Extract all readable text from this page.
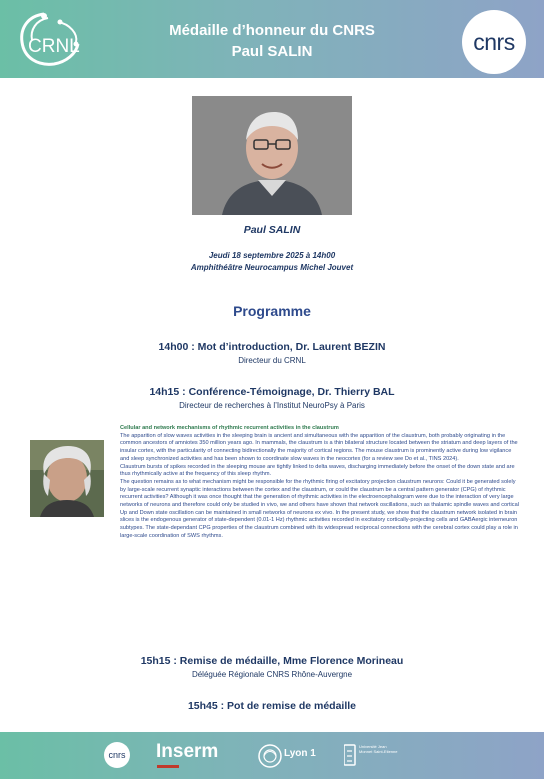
CRNL
Médaille d’honneur du CNRS
Paul SALIN	cnrs
Paul SALIN
Jeudi 18 septembre 2025 à 14h00
Amphithéâtre Neurocampus Michel Jouvet
Programme
14h00 : Mot d’introduction, Dr. Laurent BEZIN
Directeur du CRNL
14h15 : Conférence-Témoignage, Dr. Thierry BAL
Directeur de recherches à l’Institut NeuroPsy à Paris
Cellular and network mechanisms of rhythmic recurrent activities in the claustrum
The apparition of slow waves activities in the sleeping brain is ancient and simultaneous with the apparition of the claustrum, both probably originating in the common ancestors of amniotes 350 million years ago. In mammals, the claustrum is a thin bilateral structure located between the striatum and deep layers of the insular cortex, with the particularity of connecting bidirectionally the majority of cortical regions. The mouse claustrum is prominently active during low vigilance and sleep synchronized activities and has been shown to coordinate slow waves in the neocortex (for a review see Do et al., TINS 2024).
Claustrum bursts of spikes recorded in the sleeping mouse are tightly linked to delta waves, discharging immediately before the onset of the down state and are thus rhythmically active at the frequency of this sleep rhythm.
The question remains as to what mechanism might be responsible for the rhythmic firing of excitatory projection claustrum neurons: Could it be generated solely by large-scale recurrent synaptic interactions between the cortex and the claustrum, or could the claustrum be a central pattern generator (CPG) of rhythmic recurrent activities? Although it was once thought that the generation of rhythmic activities in the electroencephalogram were due to the interaction of very large networks of neurons and therefore could only be studied in vivo, we and others have shown that network oscillations, such as thalamic spindle waves and cortical Up and Down state oscillation can be maintained in small networks of neurons ex vivo. In the present study, we show that the claustrum network isolated in brain slices is the endogenous generator of state-dependent (0.01-1 Hz) rhythmic activities recorded in excitatory cortically-projecting cells and GABAergic interneuron subtypes. The state-dependant CPG properties of the claustrum combined with its widespread reciprocal connections with the cerebral cortex could play a role in large-scale coordination of SWS rhythms.
15h15 : Remise de médaille, Mme Florence Morineau
Déléguée Régionale CNRS Rhône-Auvergne
15h45 : Pot de remise de médaille
cnrs Inserm	Lyon 1
Université Jean Monnet Saint-Etienne
